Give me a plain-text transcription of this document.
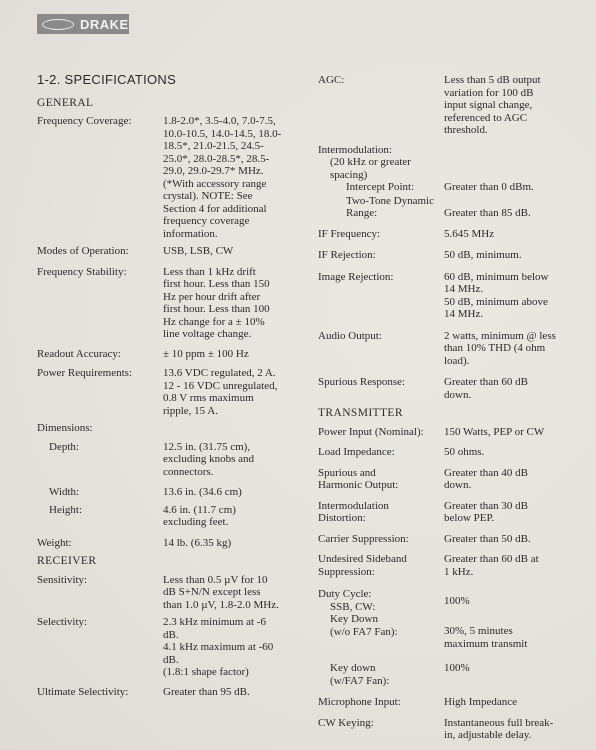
DRAKE
1-2. SPECIFICATIONS
GENERAL
Frequency Coverage:	1.8-2.0*, 3.5-4.0, 7.0-7.5,
10.0-10.5, 14.0-14.5, 18.0-
18.5*, 21.0-21.5, 24.5-
25.0*, 28.0-28.5*, 28.5-
29.0, 29.0-29.7* MHz.
(*With accessory range
crystal). NOTE: See
Section 4 for additional
frequency coverage
information.
Modes of Operation:	USB, LSB, CW
Frequency Stability:	Less than 1 kHz drift
first hour. Less than 150
Hz per hour drift after
first hour. Less than 100
Hz change for a ± 10%
line voltage change.
Readout Accuracy:	± 10 ppm ± 100 Hz
Power Requirements:	13.6 VDC regulated, 2 A.
12 - 16 VDC unregulated,
0.8 V rms maximum
ripple, 15 A.
Dimensions:
Depth:	12.5 in. (31.75 cm),
excluding knobs and
connectors.
Width:	13.6 in. (34.6 cm)
Height:	4.6 in. (11.7 cm)
excluding feet.
Weight:	14 lb. (6.35 kg)
RECEIVER
Sensitivity:	Less than 0.5 µV for 10
dB S+N/N except less
than 1.0 µV, 1.8-2.0 MHz.
Selectivity:	2.3 kHz minimum at -6
dB.
4.1 kHz maximum at -60
dB.
(1.8:1 shape factor)
Ultimate Selectivity:	Greater than 95 dB.
AGC:	Less than 5 dB output
variation for 100 dB
input signal change,
referenced to AGC
threshold.
Intermodulation:
(20 kHz or greater
spacing)
Intercept Point:	Greater than 0 dBm.
Two-Tone Dynamic
Range:	Greater than 85 dB.
IF Frequency:	5.645 MHz
IF Rejection:	50 dB, minimum.
Image Rejection:	60 dB, minimum below
14 MHz.
50 dB, minimum above
14 MHz.
Audio Output:	2 watts, minimum @ less
than 10% THD (4 ohm
load).
Spurious Response:	Greater than 60 dB
down.
TRANSMITTER
Power Input (Nominal):	150 Watts, PEP or CW
Load Impedance:	50 ohms.
Spurious and
Harmonic Output:
Greater than 40 dB
down.
Intermodulation
Distortion:
Greater than 30 dB
below PEP.
Carrier Suppression:	Greater than 50 dB.
Undesired Sideband
Suppression:
Greater than 60 dB at
1 kHz.
Duty Cycle:
SSB, CW:	100%
Key Down
(w/o FA7 Fan):	30%, 5 minutes
maximum transmit
Key down
(w/FA7 Fan):
100%
Microphone Input:	High Impedance
CW Keying:	Instantaneous full break-
in, adjustable delay.
